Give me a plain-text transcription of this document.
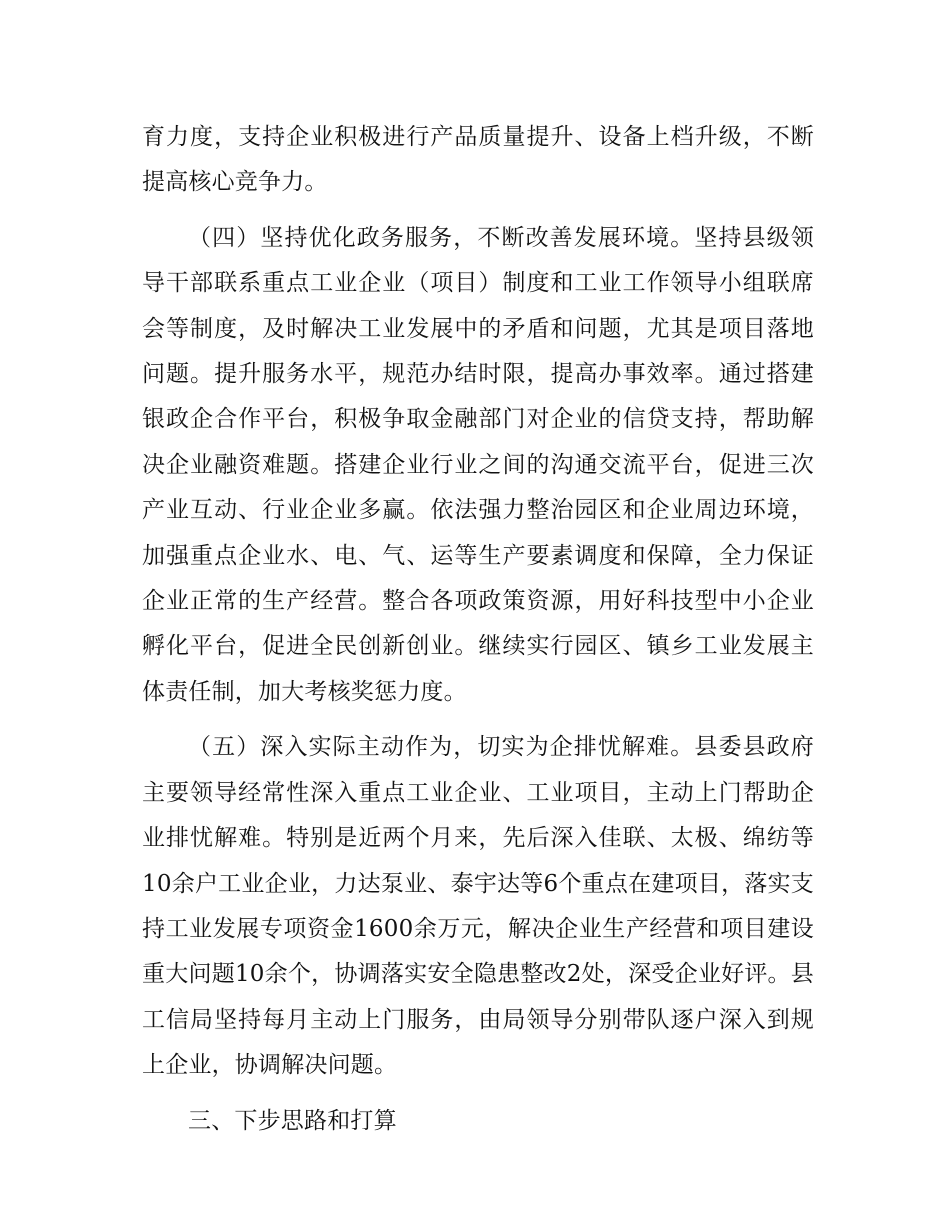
育力度，支持企业积极进行产品质量提升、设备上档升级，不断提高核心竞争力。

（四）坚持优化政务服务，不断改善发展环境。坚持县级领导干部联系重点工业企业（项目）制度和工业工作领导小组联席会等制度，及时解决工业发展中的矛盾和问题，尤其是项目落地问题。提升服务水平，规范办结时限，提高办事效率。通过搭建银政企合作平台，积极争取金融部门对企业的信贷支持，帮助解决企业融资难题。搭建企业行业之间的沟通交流平台，促进三次产业互动、行业企业多赢。依法强力整治园区和企业周边环境，加强重点企业水、电、气、运等生产要素调度和保障，全力保证企业正常的生产经营。整合各项政策资源，用好科技型中小企业孵化平台，促进全民创新创业。继续实行园区、镇乡工业发展主体责任制，加大考核奖惩力度。

（五）深入实际主动作为，切实为企排忧解难。县委县政府主要领导经常性深入重点工业企业、工业项目，主动上门帮助企业排忧解难。特别是近两个月来，先后深入佳联、太极、绵纺等10余户工业企业，力达泵业、泰宇达等6个重点在建项目，落实支持工业发展专项资金1600余万元，解决企业生产经营和项目建设重大问题10余个，协调落实安全隐患整改2处，深受企业好评。县工信局坚持每月主动上门服务，由局领导分别带队逐户深入到规上企业，协调解决问题。

三、下步思路和打算
